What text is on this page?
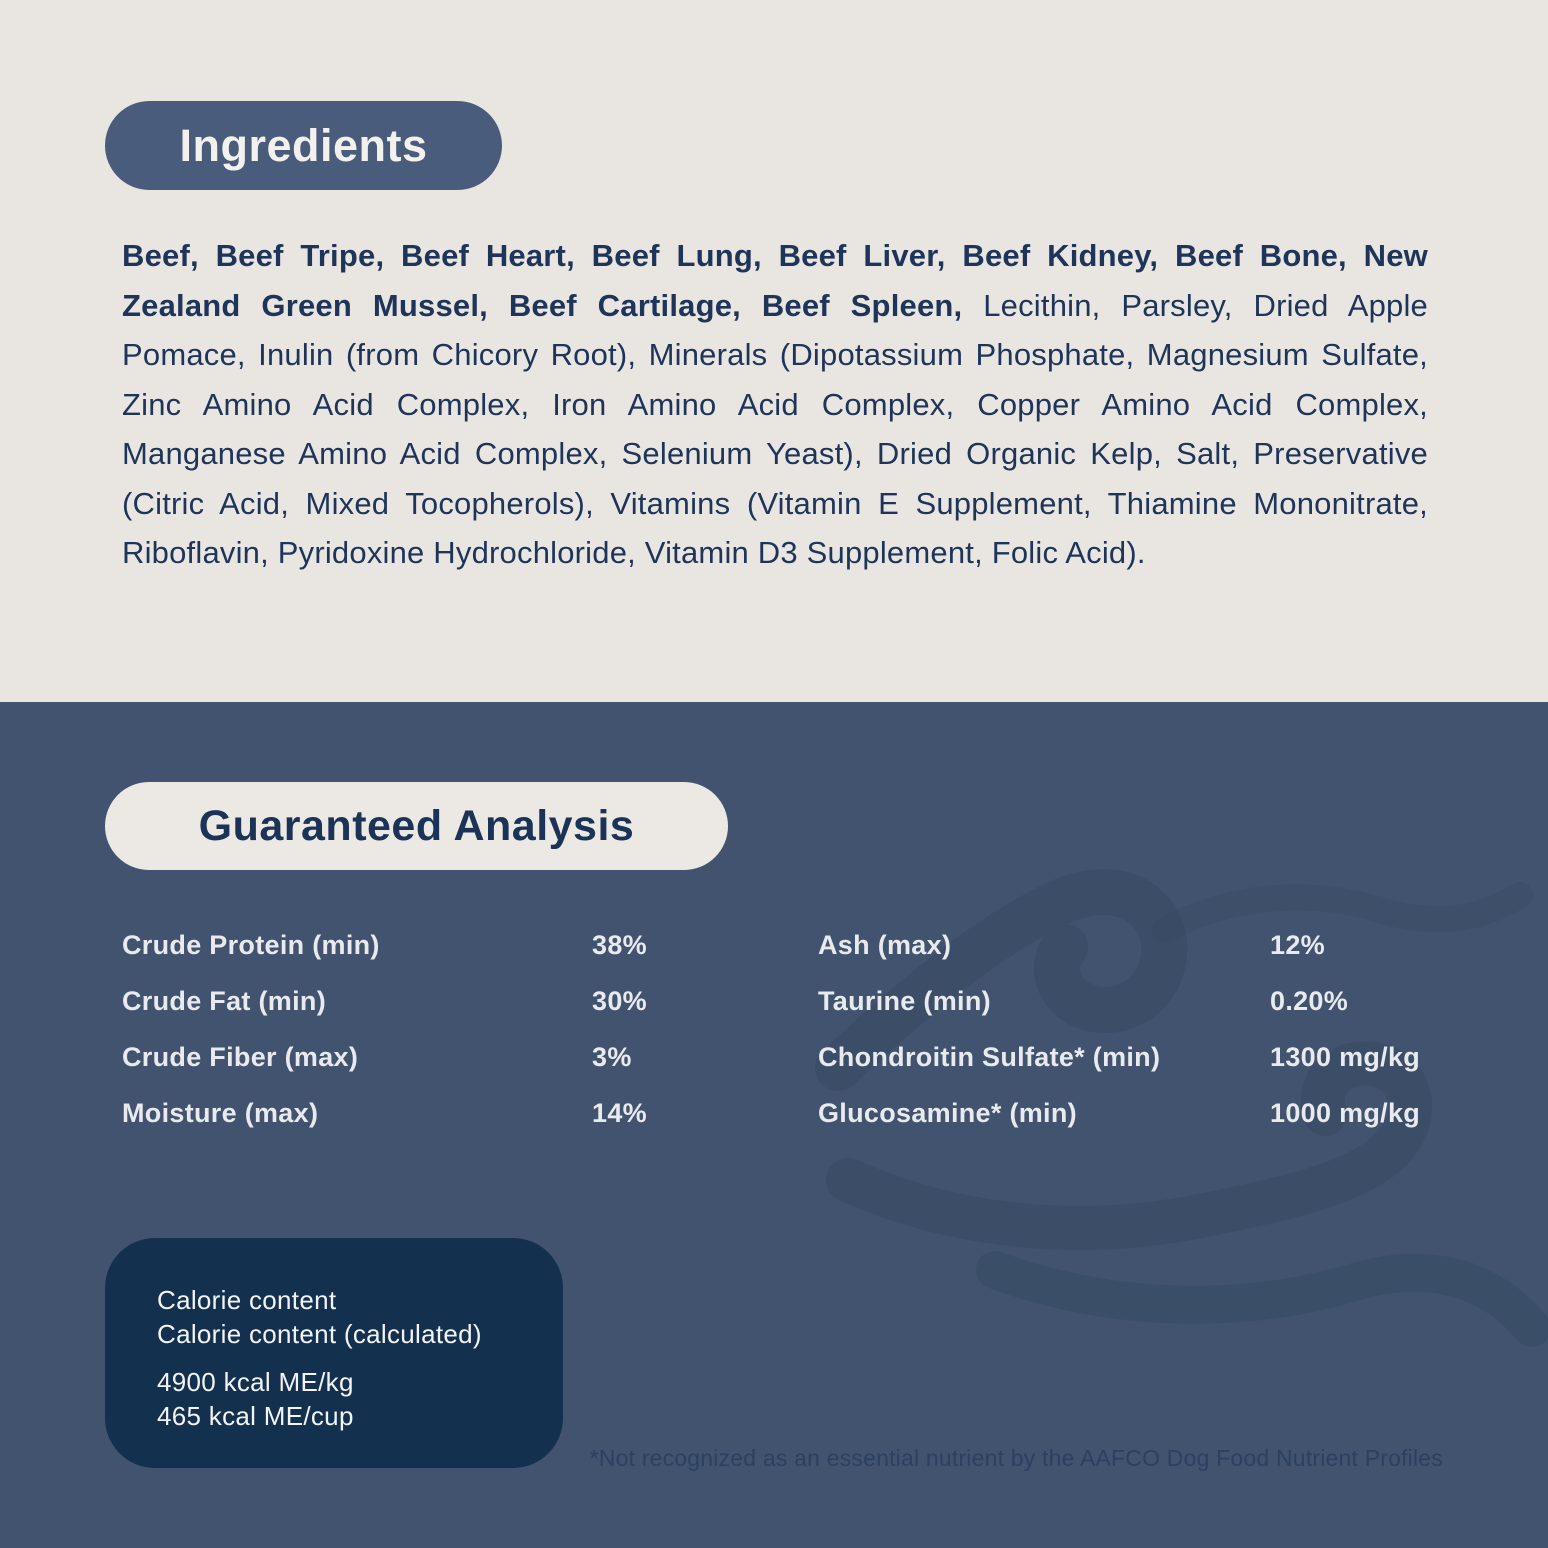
Ingredients

Beef, Beef Tripe, Beef Heart, Beef Lung, Beef Liver, Beef Kidney, Beef Bone, New Zealand Green Mussel, Beef Cartilage, Beef Spleen, Lecithin, Parsley, Dried Apple Pomace, Inulin (from Chicory Root), Minerals (Dipotassium Phosphate, Magnesium Sulfate, Zinc Amino Acid Complex, Iron Amino Acid Complex, Copper Amino Acid Complex, Manganese Amino Acid Complex, Selenium Yeast), Dried Organic Kelp, Salt, Preservative (Citric Acid, Mixed Tocopherols), Vitamins (Vitamin E Supplement, Thiamine Mononitrate, Riboflavin, Pyridoxine Hydrochloride, Vitamin D3 Supplement, Folic Acid).

Guaranteed Analysis
Crude Protein (min)	38%	Ash (max)	12%
Crude Fat (min)	30%	Taurine (min)	0.20%
Crude Fiber (max)	3%	Chondroitin Sulfate* (min)	1300 mg/kg
Moisture (max)	14%	Glucosamine* (min)	1000 mg/kg
Calorie content
Calorie content (calculated)
4900 kcal ME/kg
465 kcal ME/cup
*Not recognized as an essential nutrient by the AAFCO Dog Food Nutrient Profiles
